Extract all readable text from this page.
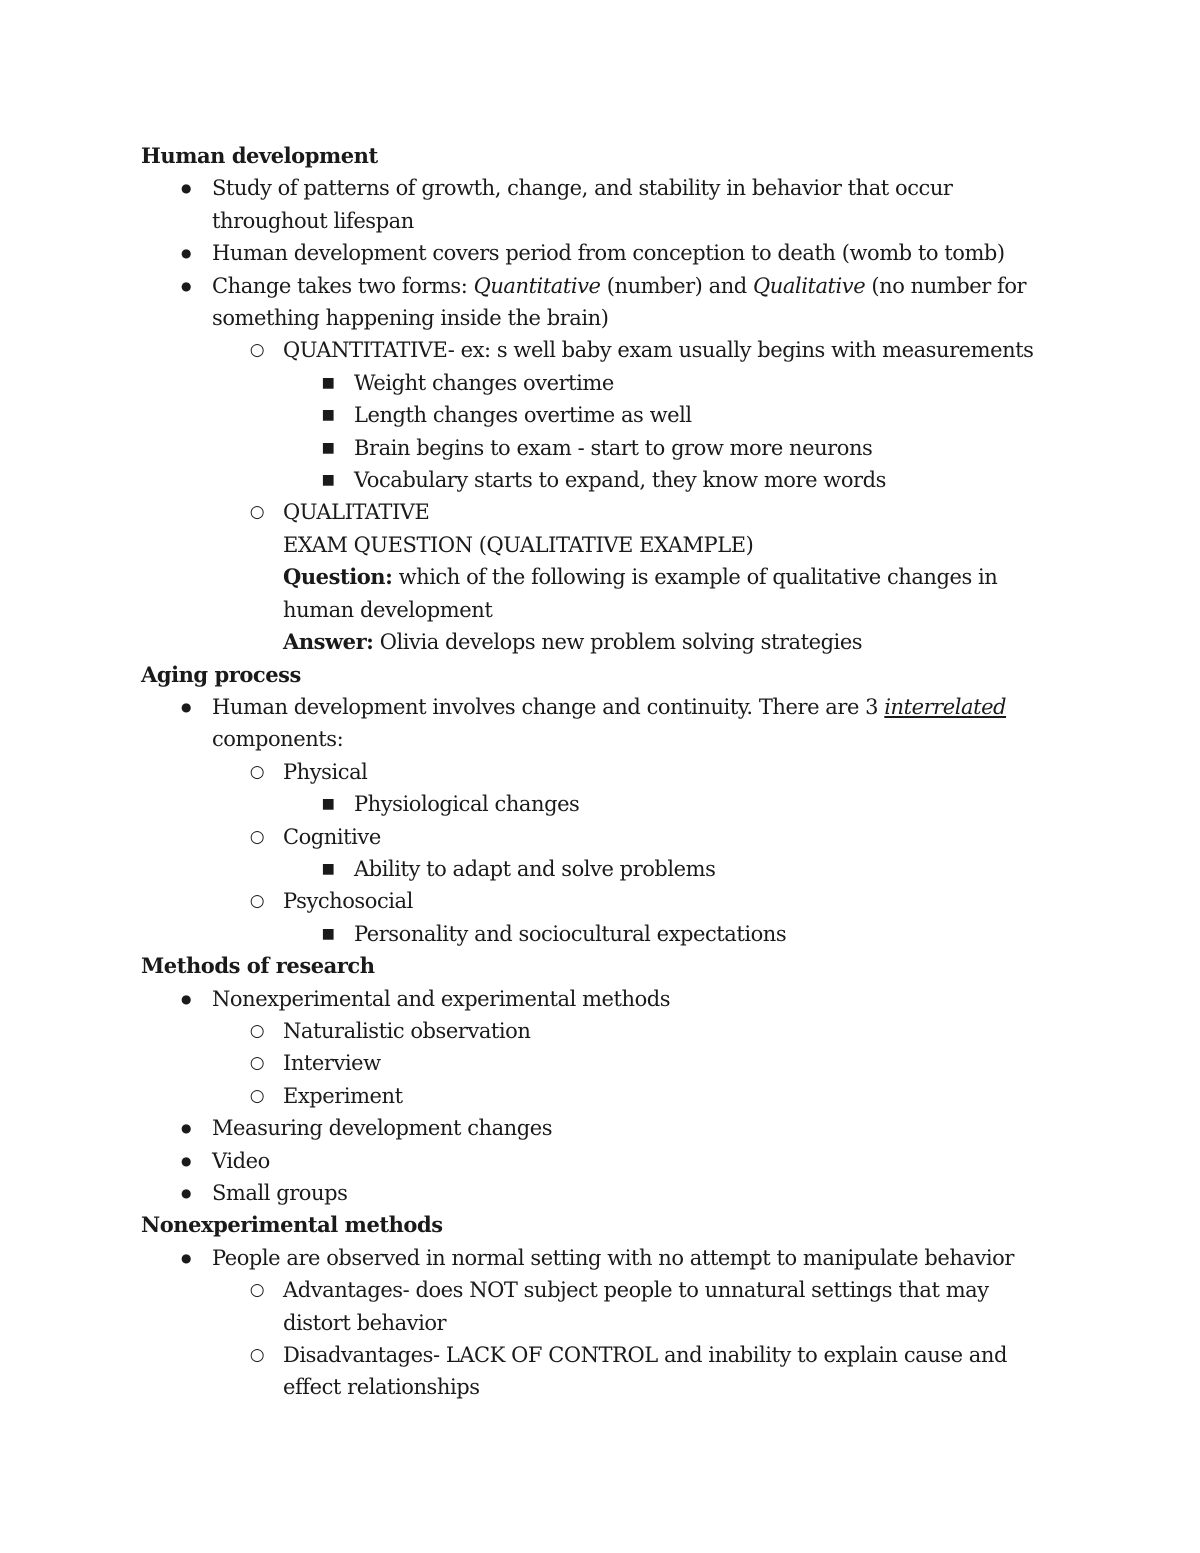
Human development
● Study of patterns of growth, change, and stability in behavior that occur throughout lifespan
● Human development covers period from conception to death (womb to tomb)
● Change takes two forms: Quantitative (number) and Qualitative (no number for something happening inside the brain)
○ QUANTITATIVE- ex: s well baby exam usually begins with measurements
■ Weight changes overtime
■ Length changes overtime as well
■ Brain begins to exam - start to grow more neurons
■ Vocabulary starts to expand, they know more words
○ QUALITATIVE
EXAM QUESTION (QUALITATIVE EXAMPLE)
Question: which of the following is example of qualitative changes in human development
Answer: Olivia develops new problem solving strategies
Aging process
● Human development involves change and continuity. There are 3 interrelated components:
○ Physical
■ Physiological changes
○ Cognitive
■ Ability to adapt and solve problems
○ Psychosocial
■ Personality and sociocultural expectations
Methods of research
● Nonexperimental and experimental methods
○ Naturalistic observation
○ Interview
○ Experiment
● Measuring development changes
● Video
● Small groups
Nonexperimental methods
● People are observed in normal setting with no attempt to manipulate behavior
○ Advantages- does NOT subject people to unnatural settings that may distort behavior
○ Disadvantages- LACK OF CONTROL and inability to explain cause and effect relationships
